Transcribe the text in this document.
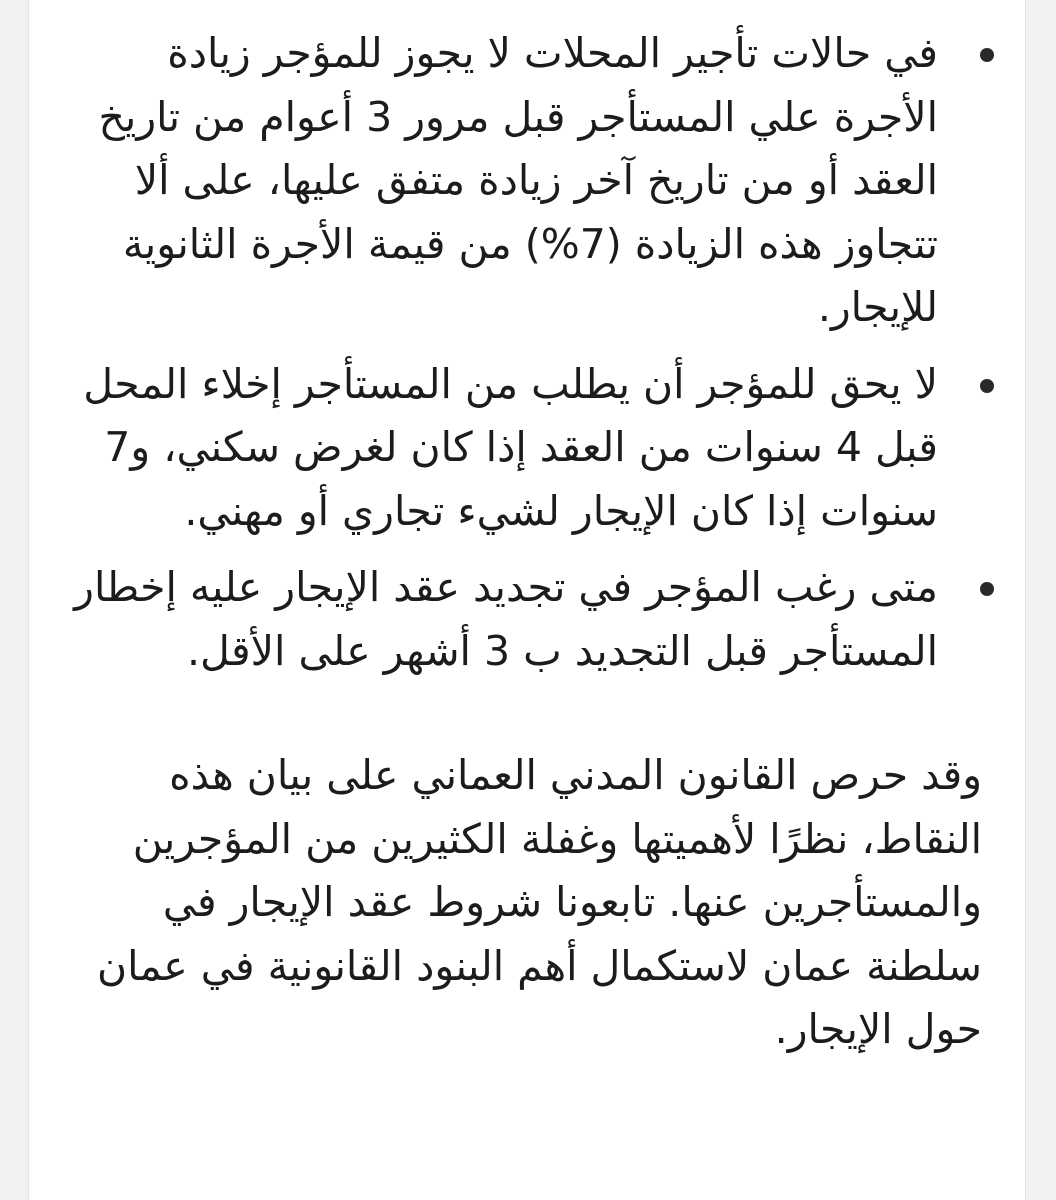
في حالات تأجير المحلات لا يجوز للمؤجر زيادة الأجرة علي المستأجر قبل مرور 3 أعوام من تاريخ العقد أو من تاريخ آخر زيادة متفق عليها، على ألا تتجاوز هذه الزيادة (7%) من قيمة الأجرة الثانوية للإيجار.
لا يحق للمؤجر أن يطلب من المستأجر إخلاء المحل قبل 4 سنوات من العقد إذا كان لغرض سكني، و7 سنوات إذا كان الإيجار لشيء تجاري أو مهني.
متى رغب المؤجر في تجديد عقد الإيجار عليه إخطار المستأجر قبل التجديد ب 3 أشهر على الأقل.

وقد حرص القانون المدني العماني على بيان هذه النقاط، نظرًا لأهميتها وغفلة الكثيرين من المؤجرين والمستأجرين عنها. تابعونا شروط عقد الإيجار في سلطنة عمان لاستكمال أهم البنود القانونية في عمان حول الإيجار.
